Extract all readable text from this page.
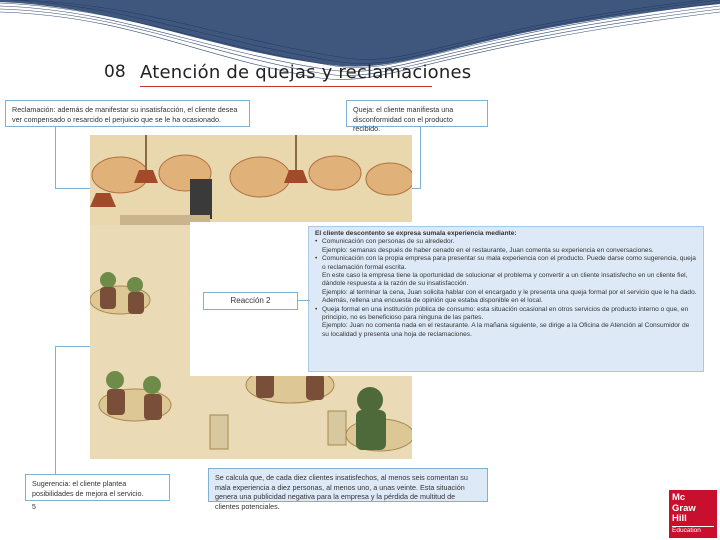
08 Atención de quejas y reclamaciones
Reclamación: además de manifestar su insatisfacción, el cliente desea ver compensado o resarcido el perjuicio que se le ha ocasionado.
Queja: el cliente manifiesta una disconformidad con el producto recibido.
Sugerencia: el cliente plantea posibilidades de mejora el servicio.
Se calcula que, de cada diez clientes insatisfechos, al menos seis comentan su mala experiencia a diez personas, al menos uno, a unas veinte. Esta situación genera una publicidad negativa para la empresa y la pérdida de multitud de clientes potenciales.
El cliente descontento se expresa sumala experiencia mediante:
• Comunicación con personas de su alrededor.
Ejemplo: semanas después de haber cenado en el restaurante, Juan comenta su experiencia en conversaciones.
• Comunicación con la propia empresa para presentar su mala experiencia con el producto. Puede darse como sugerencia, queja o reclamación formal escrita.
En este caso la empresa tiene la oportunidad de solucionar el problema y convertir a un cliente insatisfecho en un cliente fiel, dándole respuesta a la razón de su insatisfacción.
Ejemplo: al terminar la cena, Juan solicita hablar con el encargado y le presenta una queja formal por el servicio que le ha dado. Además, rellena una encuesta de opinión que estaba disponible en el local.
• Queja formal en una institución pública de consumo: esta situación ocasional en otros servicios de producto interno o que, en principio, no es beneficioso para ninguna de las partes.
Ejemplo: Juan no comenta nada en el restaurante. A la mañana siguiente, se dirige a la Oficina de Atención al Consumidor de su localidad y presenta una hoja de reclamaciones.
Reacción 2
5
Mc
Graw
Hill
Education
